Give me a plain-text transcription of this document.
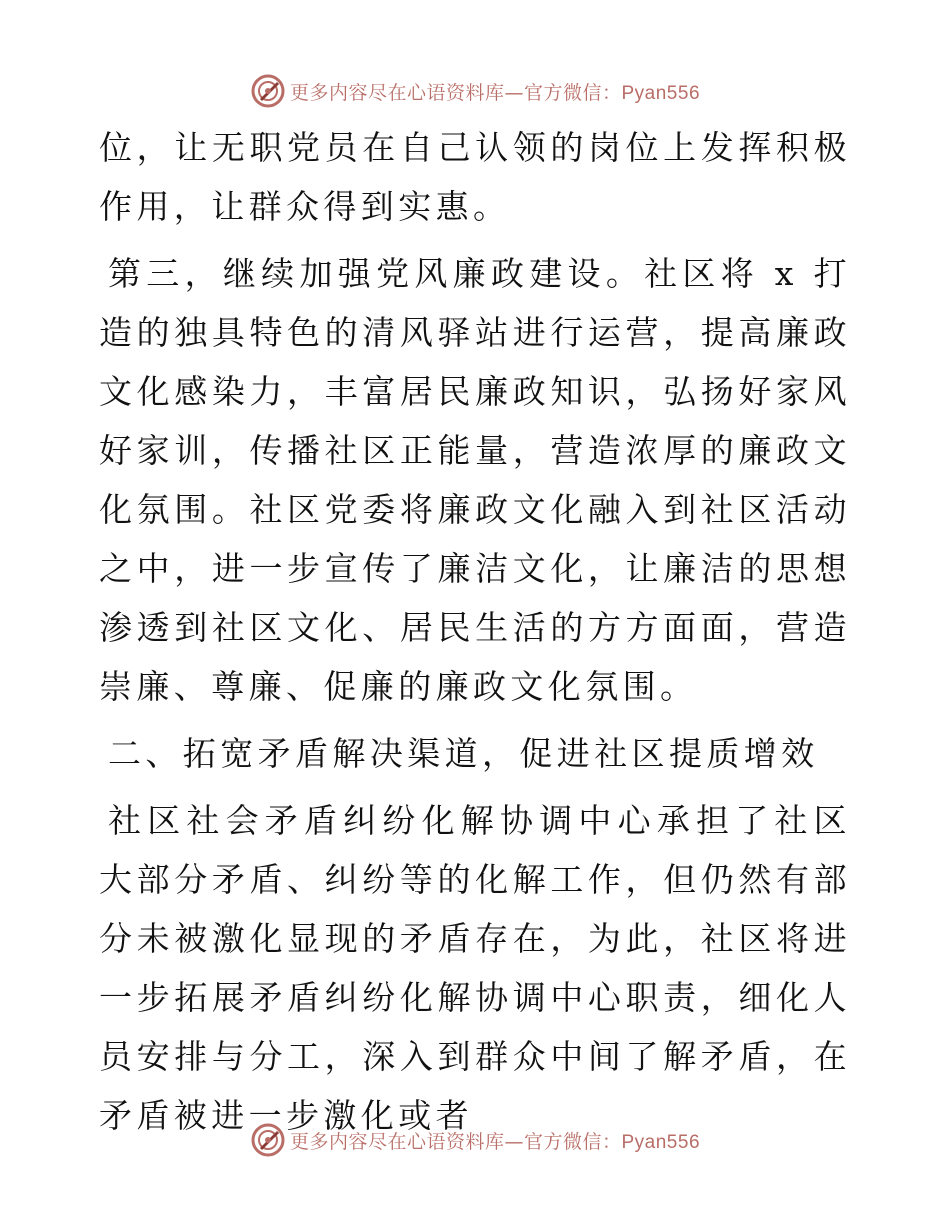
更多内容尽在心语资料库—官方微信：Pyan556

位，让无职党员在自己认领的岗位上发挥积极作用，让群众得到实惠。

第三，继续加强党风廉政建设。社区将 x 打造的独具特色的清风驿站进行运营，提高廉政文化感染力，丰富居民廉政知识，弘扬好家风好家训，传播社区正能量，营造浓厚的廉政文化氛围。社区党委将廉政文化融入到社区活动之中，进一步宣传了廉洁文化，让廉洁的思想渗透到社区文化、居民生活的方方面面，营造崇廉、尊廉、促廉的廉政文化氛围。

二、拓宽矛盾解决渠道，促进社区提质增效

社区社会矛盾纠纷化解协调中心承担了社区大部分矛盾、纠纷等的化解工作，但仍然有部分未被激化显现的矛盾存在，为此，社区将进一步拓展矛盾纠纷化解协调中心职责，细化人员安排与分工，深入到群众中间了解矛盾，在矛盾被进一步激化或者

更多内容尽在心语资料库—官方微信：Pyan556
